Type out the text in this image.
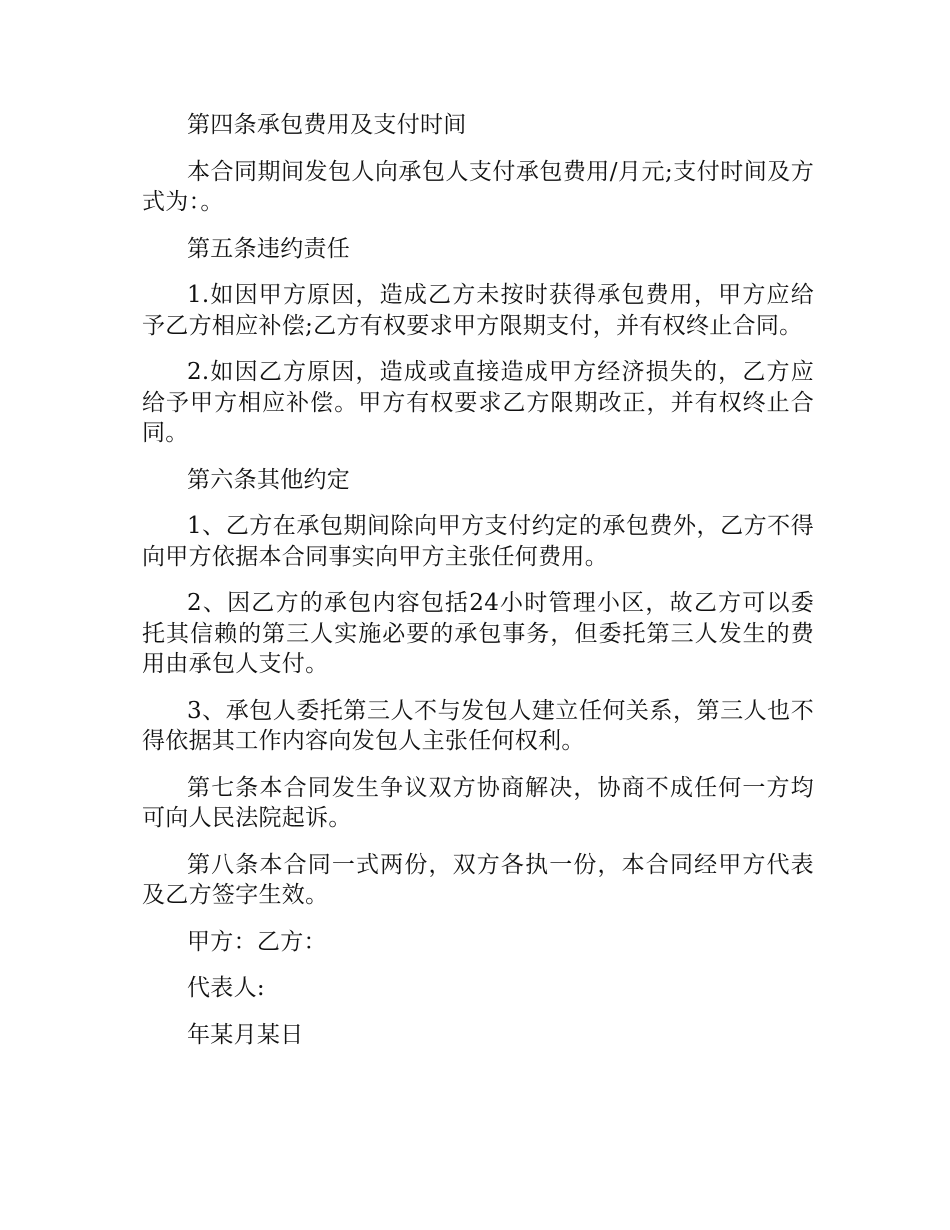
第四条承包费用及支付时间

本合同期间发包人向承包人支付承包费用/月元;支付时间及方式为：。

第五条违约责任

1.如因甲方原因，造成乙方未按时获得承包费用，甲方应给予乙方相应补偿;乙方有权要求甲方限期支付，并有权终止合同。

2.如因乙方原因，造成或直接造成甲方经济损失的，乙方应给予甲方相应补偿。甲方有权要求乙方限期改正，并有权终止合同。

第六条其他约定

1、乙方在承包期间除向甲方支付约定的承包费外，乙方不得向甲方依据本合同事实向甲方主张任何费用。

2、因乙方的承包内容包括24小时管理小区，故乙方可以委托其信赖的第三人实施必要的承包事务，但委托第三人发生的费用由承包人支付。

3、承包人委托第三人不与发包人建立任何关系，第三人也不得依据其工作内容向发包人主张任何权利。

第七条本合同发生争议双方协商解决，协商不成任何一方均可向人民法院起诉。

第八条本合同一式两份，双方各执一份，本合同经甲方代表及乙方签字生效。

甲方：乙方：

代表人:

年某月某日
